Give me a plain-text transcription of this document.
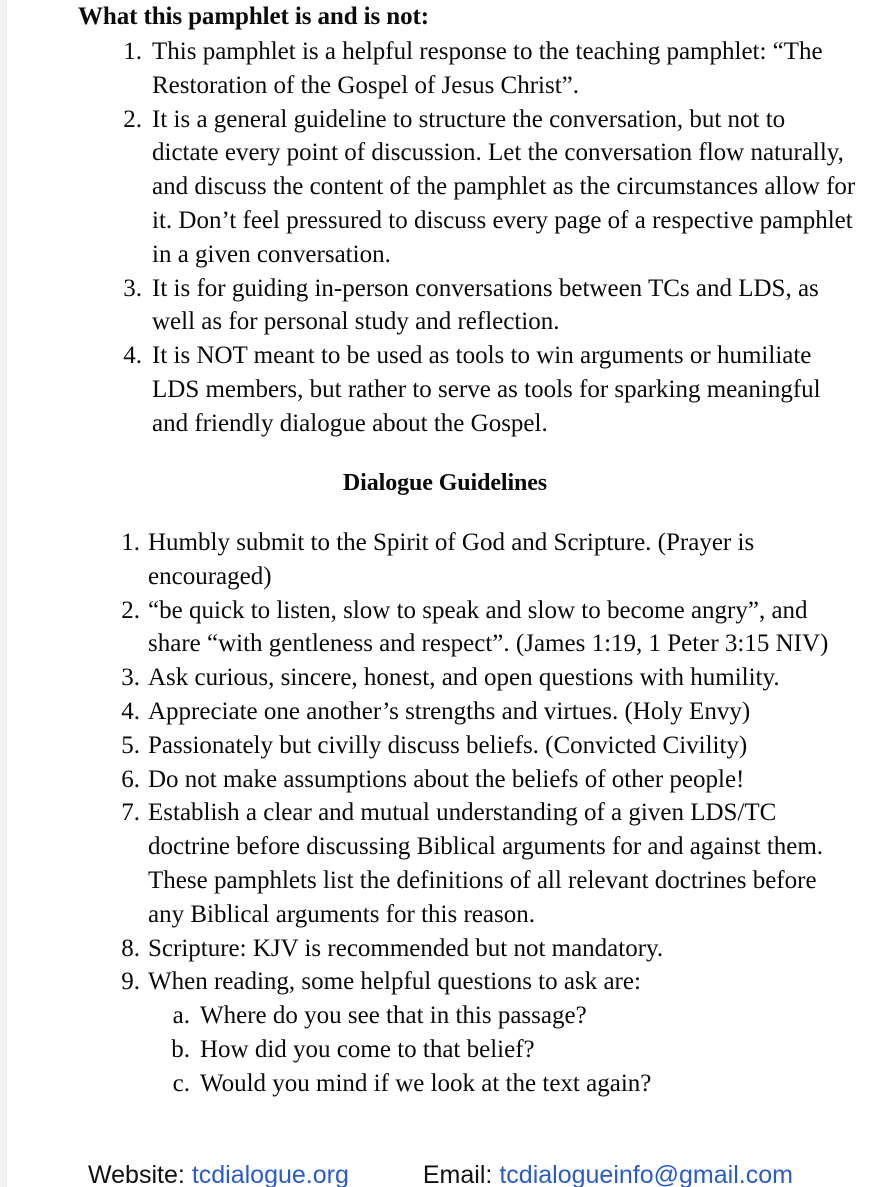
What this pamphlet is and is not:
1. This pamphlet is a helpful response to the teaching pamphlet: “The Restoration of the Gospel of Jesus Christ”.
2. It is a general guideline to structure the conversation, but not to dictate every point of discussion. Let the conversation flow naturally, and discuss the content of the pamphlet as the circumstances allow for it. Don’t feel pressured to discuss every page of a respective pamphlet in a given conversation.
3. It is for guiding in-person conversations between TCs and LDS, as well as for personal study and reflection.
4. It is NOT meant to be used as tools to win arguments or humiliate LDS members, but rather to serve as tools for sparking meaningful and friendly dialogue about the Gospel.
Dialogue Guidelines
1. Humbly submit to the Spirit of God and Scripture. (Prayer is encouraged)
2. “be quick to listen, slow to speak and slow to become angry”, and share “with gentleness and respect”. (James 1:19, 1 Peter 3:15 NIV)
3. Ask curious, sincere, honest, and open questions with humility.
4. Appreciate one another’s strengths and virtues. (Holy Envy)
5. Passionately but civilly discuss beliefs. (Convicted Civility)
6. Do not make assumptions about the beliefs of other people!
7. Establish a clear and mutual understanding of a given LDS/TC doctrine before discussing Biblical arguments for and against them. These pamphlets list the definitions of all relevant doctrines before any Biblical arguments for this reason.
8. Scripture: KJV is recommended but not mandatory.
9. When reading, some helpful questions to ask are:
a. Where do you see that in this passage?
b. How did you come to that belief?
c. Would you mind if we look at the text again?
Website: tcdialogue.org	Email: tcdialogueinfo@gmail.com
